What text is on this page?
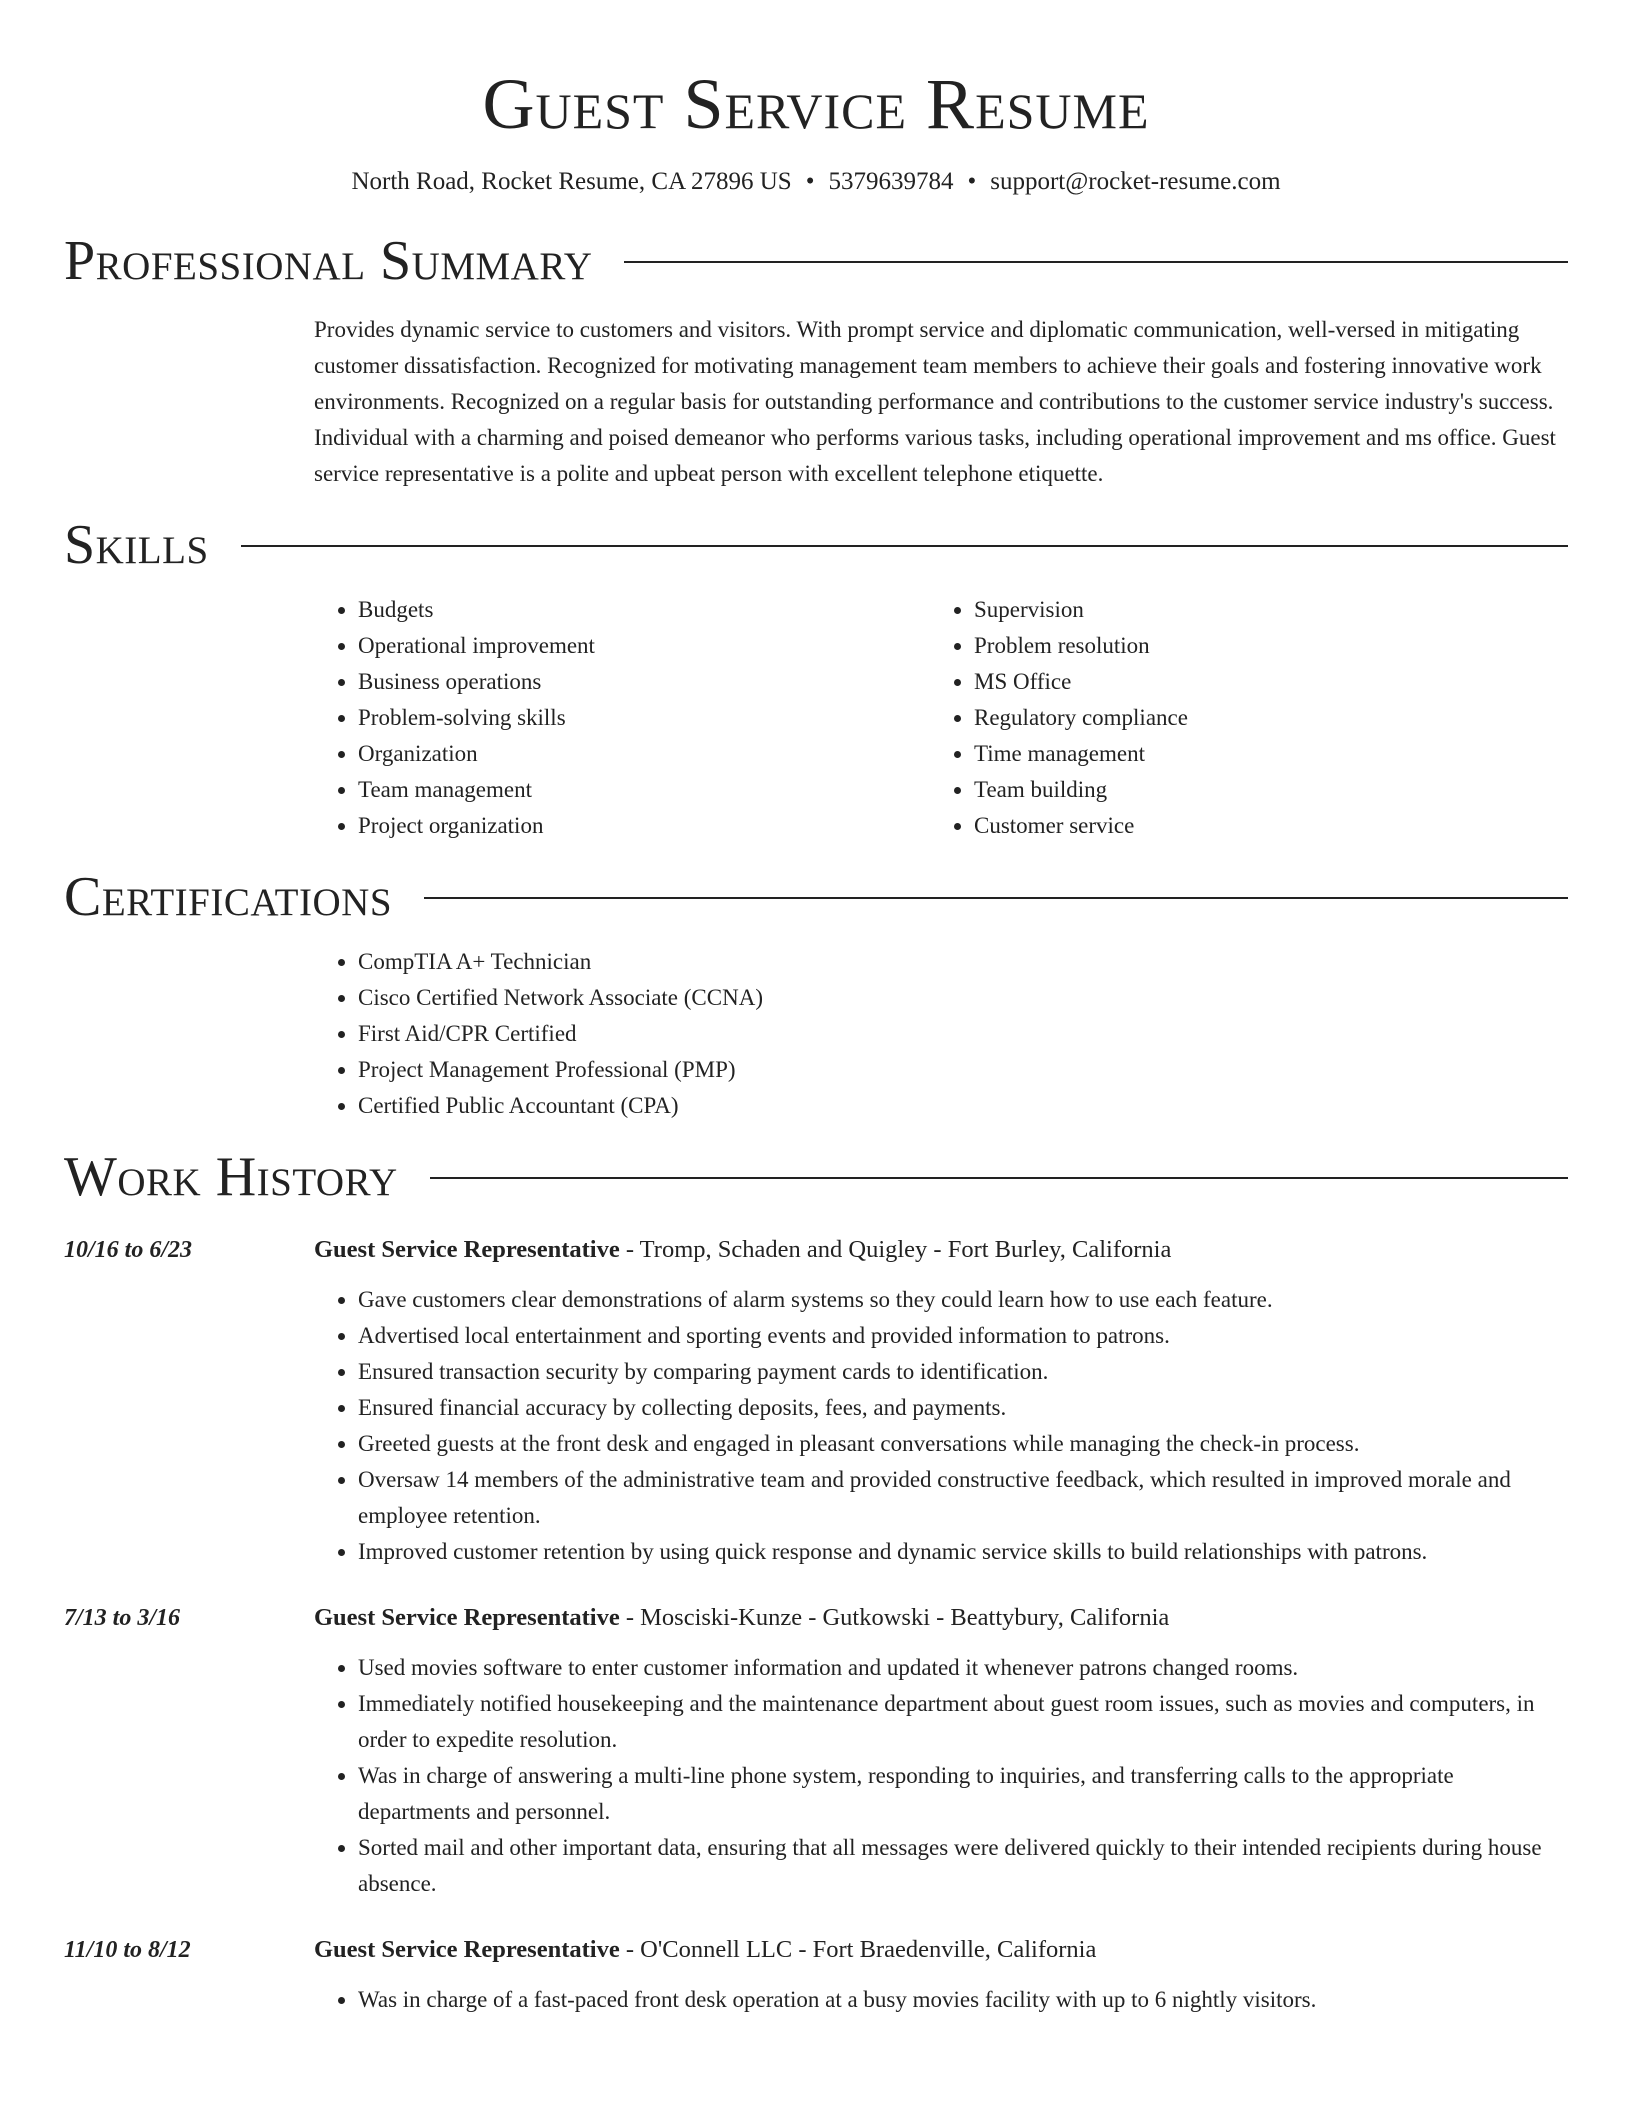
Guest Service Resume
North Road, Rocket Resume, CA 27896 US • 5379639784 • support@rocket-resume.com
Professional Summary
Provides dynamic service to customers and visitors. With prompt service and diplomatic communication, well-versed in mitigating customer dissatisfaction. Recognized for motivating management team members to achieve their goals and fostering innovative work environments. Recognized on a regular basis for outstanding performance and contributions to the customer service industry's success. Individual with a charming and poised demeanor who performs various tasks, including operational improvement and ms office. Guest service representative is a polite and upbeat person with excellent telephone etiquette.
Skills
• Budgets
• Operational improvement
• Business operations
• Problem-solving skills
• Organization
• Team management
• Project organization
• Supervision
• Problem resolution
• MS Office
• Regulatory compliance
• Time management
• Team building
• Customer service
Certifications
• CompTIA A+ Technician
• Cisco Certified Network Associate (CCNA)
• First Aid/CPR Certified
• Project Management Professional (PMP)
• Certified Public Accountant (CPA)
Work History
10/16 to 6/23	Guest Service Representative - Tromp, Schaden and Quigley - Fort Burley, California
• Gave customers clear demonstrations of alarm systems so they could learn how to use each feature.
• Advertised local entertainment and sporting events and provided information to patrons.
• Ensured transaction security by comparing payment cards to identification.
• Ensured financial accuracy by collecting deposits, fees, and payments.
• Greeted guests at the front desk and engaged in pleasant conversations while managing the check-in process.
• Oversaw 14 members of the administrative team and provided constructive feedback, which resulted in improved morale and employee retention.
• Improved customer retention by using quick response and dynamic service skills to build relationships with patrons.
7/13 to 3/16	Guest Service Representative - Mosciski-Kunze - Gutkowski - Beattybury, California
• Used movies software to enter customer information and updated it whenever patrons changed rooms.
• Immediately notified housekeeping and the maintenance department about guest room issues, such as movies and computers, in order to expedite resolution.
• Was in charge of answering a multi-line phone system, responding to inquiries, and transferring calls to the appropriate departments and personnel.
• Sorted mail and other important data, ensuring that all messages were delivered quickly to their intended recipients during house absence.
11/10 to 8/12	Guest Service Representative - O'Connell LLC - Fort Braedenville, California
• Was in charge of a fast-paced front desk operation at a busy movies facility with up to 6 nightly visitors.
